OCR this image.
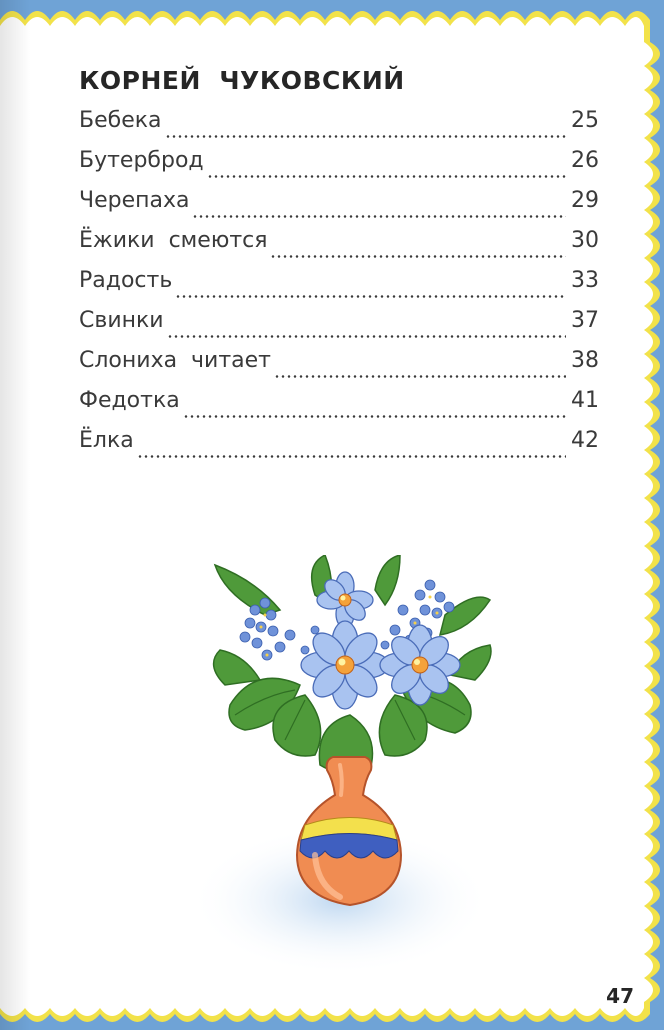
КОРНЕЙ  ЧУКОВСКИЙ
Бебека	25
Бутерброд	26
Черепаха	29
Ёжики  смеются	30
Радость	33
Свинки	37
Слониха  читает	38
Федотка	41
Ёлка	42
47
